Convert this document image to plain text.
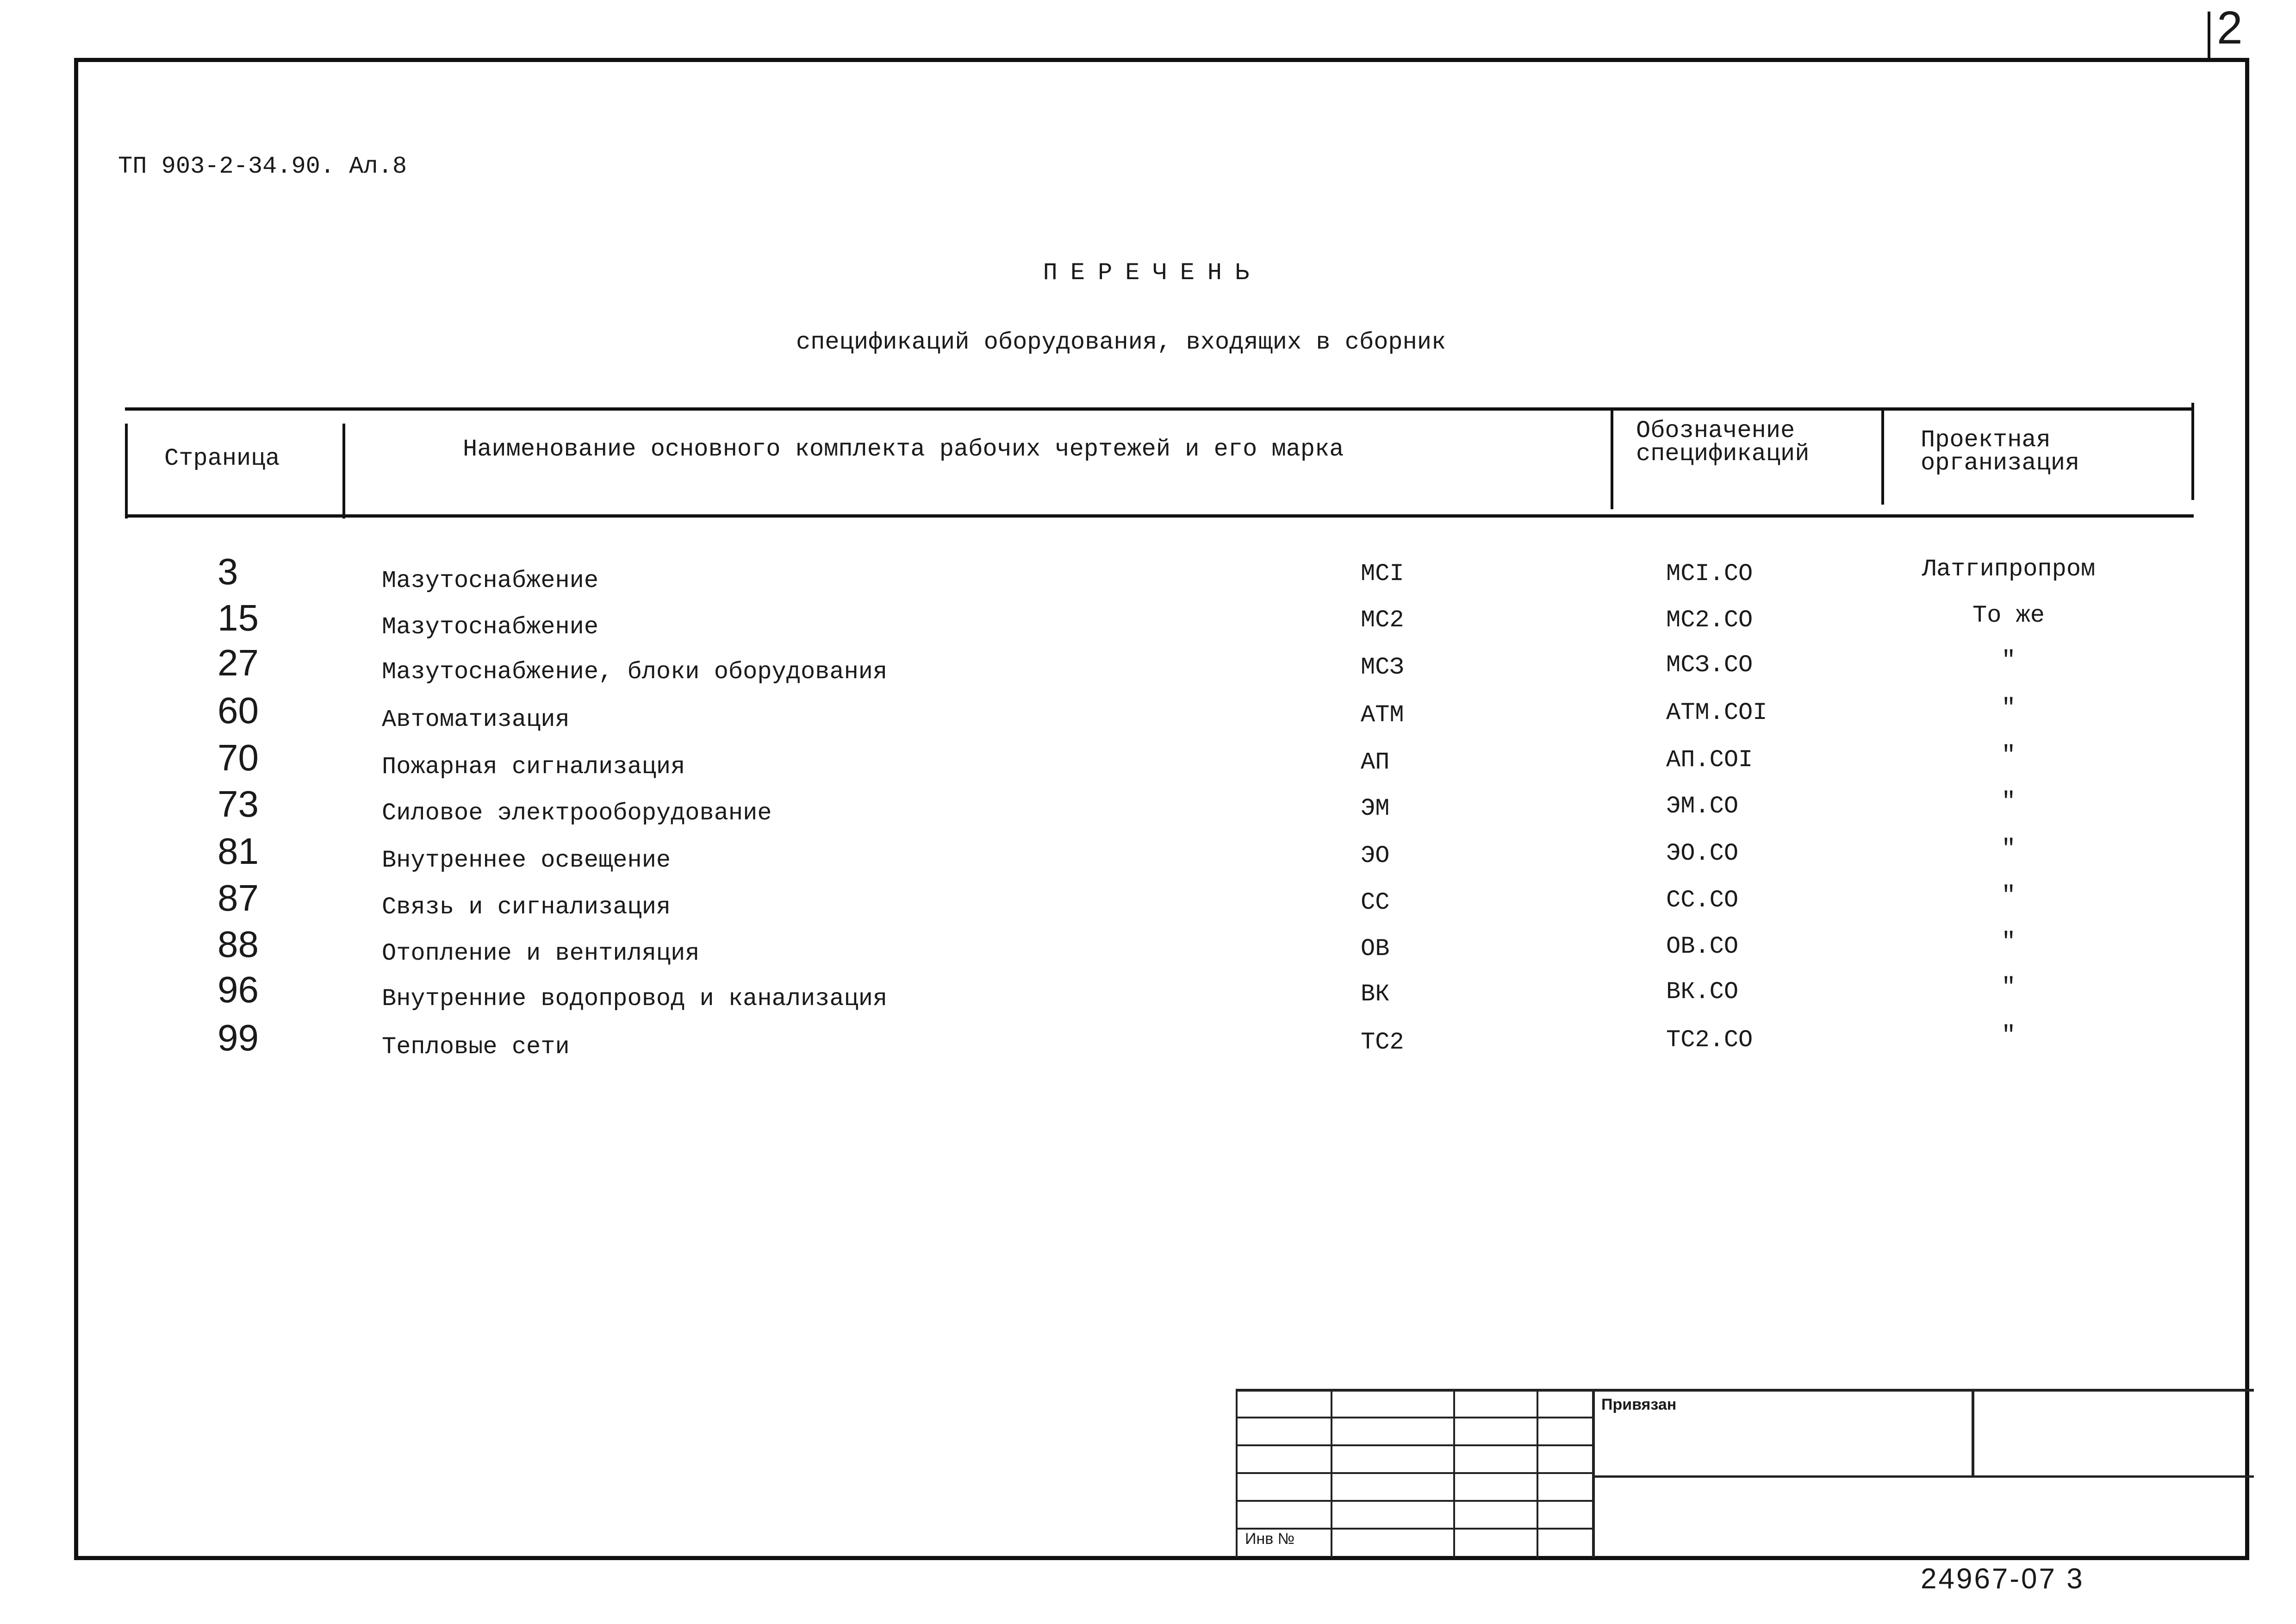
2
ТП 903-2-34.90. Ал.8
ПЕРЕЧЕНЬ
спецификаций оборудования, входящих в сборник
Страница	Наименование основного комплекта рабочих чертежей и его марка
Обозначение
спецификаций
Проектная
организация
3	Мазутоснабжение	МСI	МСI.СО	Латгипропром
15	Мазутоснабжение	МС2	МС2.СО	То же
27	Мазутоснабжение, блоки оборудования	МСЗ	МСЗ.СО	"
60	Автоматизация	АТМ	АТМ.СОI	"
70	Пожарная сигнализация	АП	АП.СОI	"
73	Силовое электрооборудование	ЭМ	ЭМ.СО	"
81	Внутреннее освещение	ЭО	ЭО.СО	"
87	Связь и сигнализация	СС	СС.СО	"
88	Отопление и вентиляция	ОВ	ОВ.СО	"
96	Внутренние водопровод и канализация	ВК	ВК.СО	"
99	Тепловые сети	ТС2	ТС2.СО	"
Привязан
Инв №
24967-07 3
